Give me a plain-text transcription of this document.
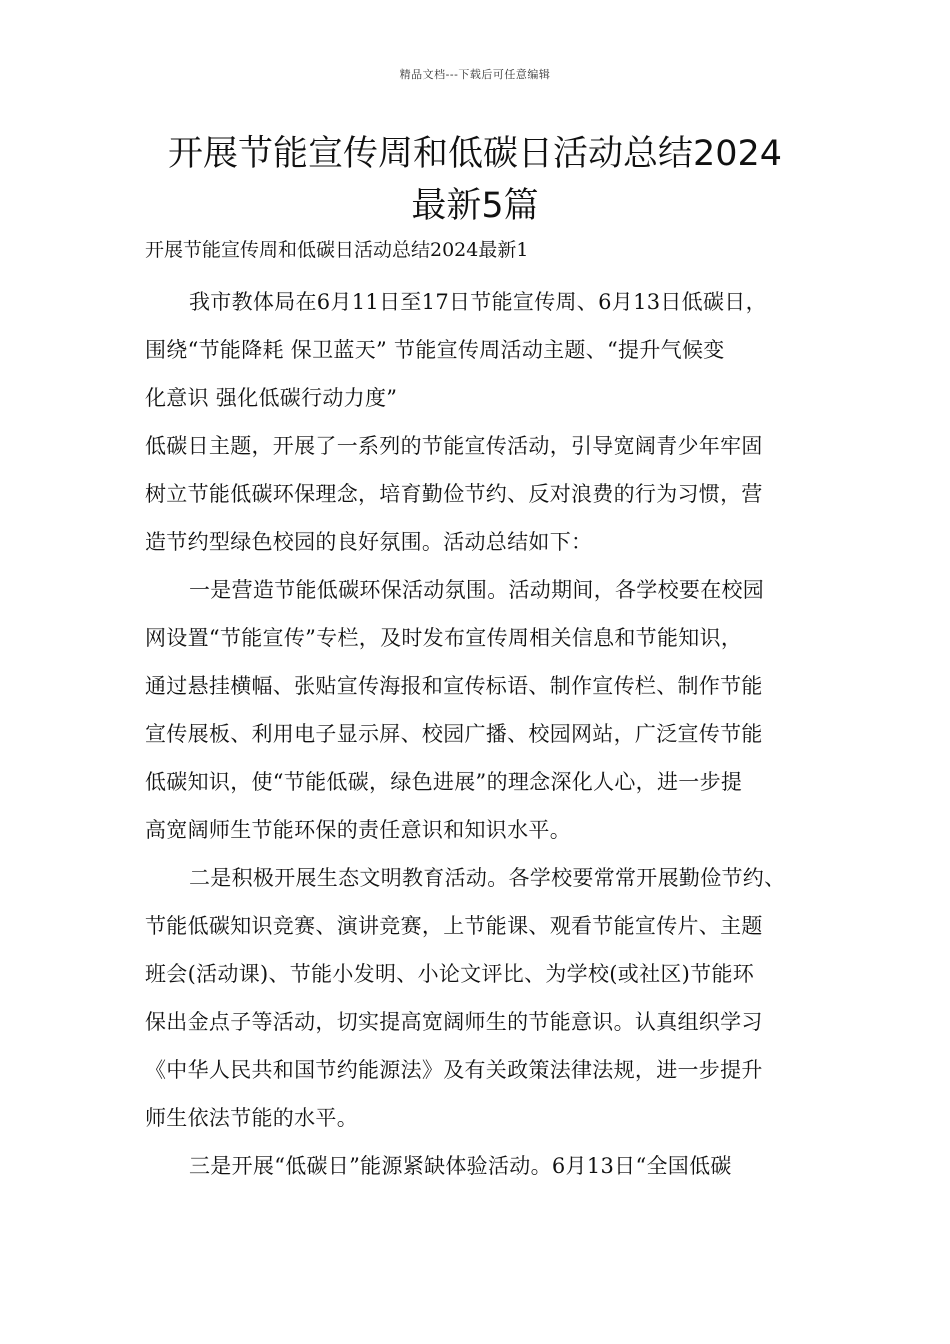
精品文档---下载后可任意编辑
开展节能宣传周和低碳日活动总结2024
最新5篇
开展节能宣传周和低碳日活动总结2024最新1
我市教体局在6月11日至17日节能宣传周、6月13日低碳日，
围绕“节能降耗 保卫蓝天” 节能宣传周活动主题、“提升气候变
化意识 强化低碳行动力度”
低碳日主题，开展了一系列的节能宣传活动，引导宽阔青少年牢固
树立节能低碳环保理念，培育勤俭节约、反对浪费的行为习惯，营
造节约型绿色校园的良好氛围。活动总结如下：
一是营造节能低碳环保活动氛围。活动期间，各学校要在校园
网设置“节能宣传”专栏，及时发布宣传周相关信息和节能知识，
通过悬挂横幅、张贴宣传海报和宣传标语、制作宣传栏、制作节能
宣传展板、利用电子显示屏、校园广播、校园网站，广泛宣传节能
低碳知识，使“节能低碳，绿色进展”的理念深化人心，进一步提
高宽阔师生节能环保的责任意识和知识水平。
二是积极开展生态文明教育活动。各学校要常常开展勤俭节约、
节能低碳知识竞赛、演讲竞赛，上节能课、观看节能宣传片、主题
班会(活动课)、节能小发明、小论文评比、为学校(或社区)节能环
保出金点子等活动，切实提高宽阔师生的节能意识。认真组织学习
《中华人民共和国节约能源法》及有关政策法律法规，进一步提升
师生依法节能的水平。
三是开展“低碳日”能源紧缺体验活动。6月13日“全国低碳
